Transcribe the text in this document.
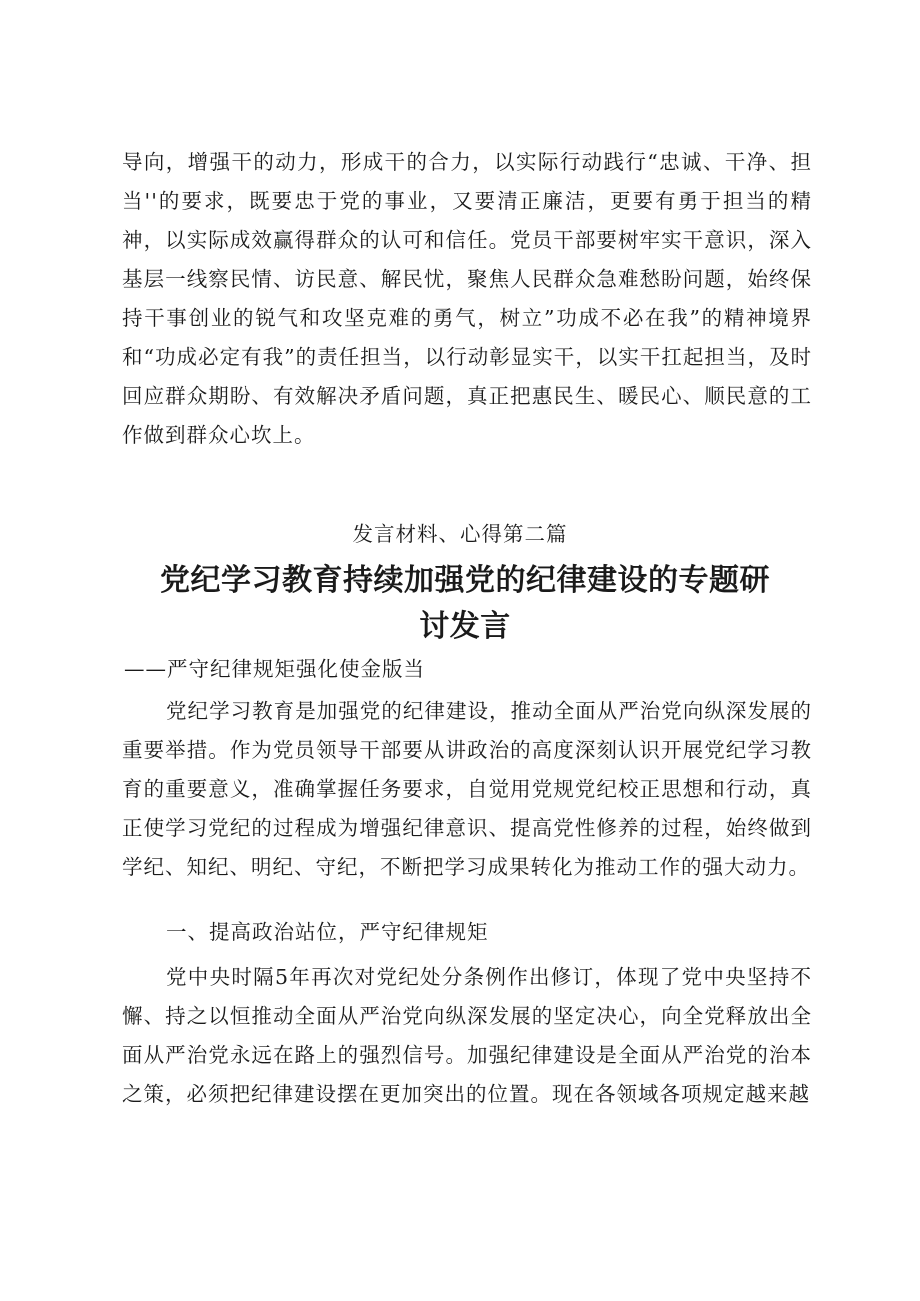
导向，增强干的动力，形成干的合力，以实际行动践行“忠诚、干净、担当''的要求，既要忠于党的事业，又要清正廉洁，更要有勇于担当的精神，以实际成效赢得群众的认可和信任。党员干部要树牢实干意识，深入基层一线察民情、访民意、解民忧，聚焦人民群众急难愁盼问题，始终保持干事创业的锐气和攻坚克难的勇气，树立”功成不必在我”的精神境界和“功成必定有我”的责任担当，以行动彰显实干，以实干扛起担当，及时回应群众期盼、有效解决矛盾问题，真正把惠民生、暖民心、顺民意的工作做到群众心坎上。

发言材料、心得第二篇

党纪学习教育持续加强党的纪律建设的专题研讨发言

——严守纪律规矩强化使金版当

党纪学习教育是加强党的纪律建设，推动全面从严治党向纵深发展的重要举措。作为党员领导干部要从讲政治的高度深刻认识开展党纪学习教育的重要意义，准确掌握任务要求，自觉用党规党纪校正思想和行动，真正使学习党纪的过程成为增强纪律意识、提高党性修养的过程，始终做到学纪、知纪、明纪、守纪，不断把学习成果转化为推动工作的强大动力。

一、提高政治站位，严守纪律规矩

党中央时隔5年再次对党纪处分条例作出修订，体现了党中央坚持不懈、持之以恒推动全面从严治党向纵深发展的坚定决心，向全党释放出全面从严治党永远在路上的强烈信号。加强纪律建设是全面从严治党的治本之策，必须把纪律建设摆在更加突出的位置。现在各领域各项规定越来越
